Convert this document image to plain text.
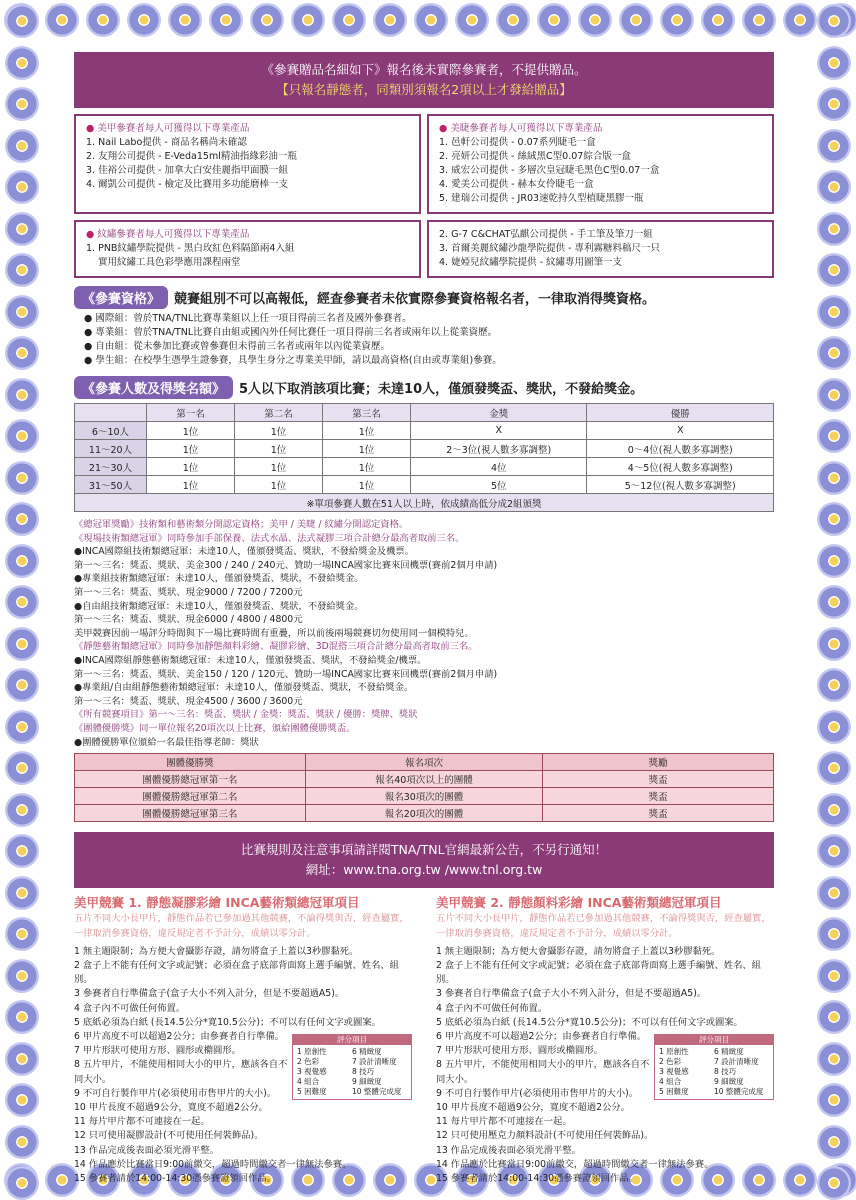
《參賽贈品名細如下》報名後未實際參賽者，不提供贈品。
【只報名靜態者，同類別須報名2項以上才發給贈品】
● 美甲參賽者每人可獲得以下專業產品
1. Nail Labo提供 - 商品名稱尚未確認
2. 友翔公司提供 - E-Veda15ml精油指緣彩油一瓶
3. 佳裕公司提供 - 加拿大白安佳麗指甲面膜一組
4. 爾凱公司提供 - 檢定及比賽用多功能磨棒一支
● 美睫參賽者每人可獲得以下專業產品
1. 邑軒公司提供 - 0.07系列睫毛一盒
2. 亮妍公司提供 - 絲絨黑C型0.07綜合版一盒
3. 威宏公司提供 - 多層次皇冠睫毛黑色C型0.07一盒
4. 愛美公司提供 - 赫本女伶睫毛一盒
5. 建瑞公司提供 - JR03速乾持久型植睫黑膠一瓶
● 紋繡參賽者每人可獲得以下專業產品
1. PNB紋繡學院提供 - 黑白玫紅色料隔節兩4入組
實用紋繡工具色彩學應用課程兩堂
2. G-7 C&CHAT弘麒公司提供 - 手工筆及筆刀一組
3. 首爾美麗紋繡沙龍學院提供 - 專利霧糖料稿尺一只
4. 婕婭兒紋繡學院提供 - 紋繡專用圖筆一支
《參賽資格》	競賽組別不可以高報低，經查參賽者未依實際參賽資格報名者，一律取消得獎資格。
● 國際組：曾於TNA/TNL比賽專業組以上任一項目得前三名者及國外參賽者。
● 專業組：曾於TNA/TNL比賽自由組或國內外任何比賽任一項目得前三名者或兩年以上從業資歷。
● 自由組：從未參加比賽或曾參賽但未得前三名者或兩年以內從業資歷。
● 學生組：在校學生憑學生證參賽，具學生身分之專業美甲師，請以最高資格(自由或專業組)參賽。
《參賽人數及得獎名額》	5人以下取消該項比賽；未達10人，僅頒發獎盃、獎狀，不發給獎金。
	第一名	第二名	第三名	金獎	優勝
6～10人	1位	1位	1位	X	X
11～20人	1位	1位	1位	2～3位(視人數多寡調整)	0～4位(視人數多寡調整)
21～30人	1位	1位	1位	4位	4～5位(視人數多寡調整)
31～50人	1位	1位	1位	5位	5～12位(視人數多寡調整)
※單項參賽人數在51人以上時，依成績高低分成2組頒獎					
《總冠軍獎勵》技術類和藝術類分開認定資格；美甲 / 美睫 / 紋繡分開認定資格。
《現場技術類總冠軍》同時參加手部保養、法式水晶、法式凝膠三項合計總分最高者取前三名。
●INCA國際組技術類總冠軍：未達10人，僅頒發獎盃、獎狀，不發給獎金及機票。
第一～三名：獎盃、獎狀、美金300 / 240 / 240元、贊助一場INCA國家比賽來回機票(賽前2個月申請)
●專業組技術類總冠軍：未達10人，僅頒發獎盃、獎狀，不發給獎金。
第一～三名：獎盃、獎狀、現金9000 / 7200 / 7200元
●自由組技術類總冠軍：未達10人，僅頒發獎盃、獎狀，不發給獎金。
第一～三名：獎盃、獎狀、現金6000 / 4800 / 4800元
美甲競賽因前一場評分時間與下一場比賽時間有重疊，所以前後兩場競賽切勿使用同一個模特兒。
《靜態藝術類總冠軍》同時參加靜態顏料彩繪、凝膠彩繪、3D混搭三項合計總分最高者取前三名。
●INCA國際組靜態藝術類總冠軍：未達10人，僅頒發獎盃、獎狀，不發給獎金/機票。
第一～三名：獎盃、獎狀、美金150 / 120 / 120元、贊助一場INCA國家比賽來回機票(賽前2個月申請)
●專業組/自由組靜態藝術類總冠軍：未達10人，僅頒發獎盃、獎狀，不發給獎金。
第一～三名：獎盃、獎狀、現金4500 / 3600 / 3600元
《所有競賽項目》第一～三名：獎盃、獎狀 / 金獎：獎盃、獎狀 / 優勝：獎牌、獎狀
《團體優勝獎》同一單位報名20項次以上比賽，頒給團體優勝獎盃。
●團體優勝單位頒給一名最佳指導老師：獎狀
團體優勝獎	報名項次	獎勵
團體優勝總冠軍第一名	報名40項次以上的團體	獎盃
團體優勝總冠軍第二名	報名30項次的團體	獎盃
團體優勝總冠軍第三名	報名20項次的團體	獎盃
比賽規則及注意事項請詳閱TNA/TNL官網最新公告，不另行通知！
網址：www.tna.org.tw /www.tnl.org.tw
美甲競賽 1. 靜態凝膠彩繪 INCA藝術類總冠軍項目
五片不同大小長甲片，靜態作品若已參加過其他競賽，不論得獎與否，經查屬實，一律取消參賽資格，違反規定者不予計分，成績以零分計。
1 無主題限制；為方便大會攝影存證，請勿將盒子上蓋以3秒膠黏死。
2 盒子上不能有任何文字或記號；必須在盒子底部背面寫上選手編號、姓名、組別。
3 參賽者自行準備盒子(盒子大小不列入計分，但是不要超過A5)。
4 盒子內不可做任何佈置。
5 底紙必須為白紙 (長14.5公分*寬10.5公分)；不可以有任何文字或圖案。
6 甲片高度不可以超過2公分；由參賽者自行準備。
7 甲片形狀可使用方形、圓形或橢圓形。
8 五片甲片，不能使用相同大小的甲片，應該各自不同大小。
9 不可自行製作甲片(必須使用市售甲片的大小)。
10 甲片長度不超過9公分，寬度不超過2公分。
11 每片甲片都不可連接在一起。
12 只可使用凝膠設計(不可使用任何裝飾品)。
13 作品完成後表面必須光滑平整。
14 作品應於比賽當日9:00前繳交，超過時間繳交者一律無法參賽。
15 參賽者請於14:00-14:30憑參賽證領回作品。
評分項目
1 原創性	6 精緻度
2 色彩	7 設計清晰度
3 視覺感	8 技巧
4 組合	9 細緻度
5 困難度	10 整體完成度
美甲競賽 2. 靜態顏料彩繪 INCA藝術類總冠軍項目
五片不同大小長甲片，靜態作品若已參加過其他競賽，不論得獎與否，經查屬實，一律取消參賽資格，違反規定者不予計分，成績以零分計。
1 無主題限制；為方便大會攝影存證，請勿將盒子上蓋以3秒膠黏死。
2 盒子上不能有任何文字或記號；必須在盒子底部背面寫上選手編號、姓名、組別。
3 參賽者自行準備盒子(盒子大小不列入計分，但是不要超過A5)。
4 盒子內不可做任何佈置。
5 底紙必須為白紙 (長14.5公分*寬10.5公分)；不可以有任何文字或圖案。
6 甲片高度不可以超過2公分；由參賽者自行準備。
7 甲片形狀可使用方形、圓形或橢圓形。
8 五片甲片，不能使用相同大小的甲片，應該各自不同大小。
9 不可自行製作甲片(必須使用市售甲片的大小)。
10 甲片長度不超過9公分，寬度不超過2公分。
11 每片甲片都不可連接在一起。
12 只可使用壓克力顏料設計(不可使用任何裝飾品)。
13 作品完成後表面必須光滑平整。
14 作品應於比賽當日9:00前繳交，超過時間繳交者一律無法參賽。
15 參賽者請於14:00-14:30憑參賽證領回作品。
評分項目
1 原創性	6 精緻度
2 色彩	7 設計清晰度
3 視覺感	8 技巧
4 組合	9 細緻度
5 困難度	10 整體完成度
